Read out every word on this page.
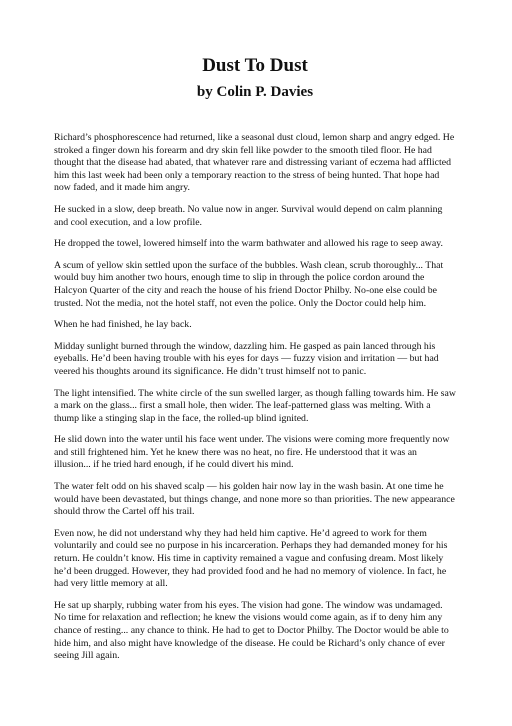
Dust To Dust
by Colin P. Davies

Richard’s phosphorescence had returned, like a seasonal dust cloud, lemon sharp and angry edged. He stroked a finger down his forearm and dry skin fell like powder to the smooth tiled floor. He had thought that the disease had abated, that whatever rare and distressing variant of eczema had afflicted him this last week had been only a temporary reaction to the stress of being hunted. That hope had now faded, and it made him angry.

He sucked in a slow, deep breath. No value now in anger. Survival would depend on calm planning and cool execution, and a low profile.

He dropped the towel, lowered himself into the warm bathwater and allowed his rage to seep away.

A scum of yellow skin settled upon the surface of the bubbles. Wash clean, scrub thoroughly... That would buy him another two hours, enough time to slip in through the police cordon around the Halcyon Quarter of the city and reach the house of his friend Doctor Philby. No-one else could be trusted. Not the media, not the hotel staff, not even the police. Only the Doctor could help him.

When he had finished, he lay back.

Midday sunlight burned through the window, dazzling him. He gasped as pain lanced through his eyeballs. He’d been having trouble with his eyes for days — fuzzy vision and irritation — but had veered his thoughts around its significance. He didn’t trust himself not to panic.

The light intensified. The white circle of the sun swelled larger, as though falling towards him. He saw a mark on the glass... first a small hole, then wider. The leaf-patterned glass was melting. With a thump like a stinging slap in the face, the rolled-up blind ignited.

He slid down into the water until his face went under. The visions were coming more frequently now and still frightened him. Yet he knew there was no heat, no fire. He understood that it was an illusion... if he tried hard enough, if he could divert his mind.

The water felt odd on his shaved scalp — his golden hair now lay in the wash basin. At one time he would have been devastated, but things change, and none more so than priorities. The new appearance should throw the Cartel off his trail.

Even now, he did not understand why they had held him captive. He’d agreed to work for them voluntarily and could see no purpose in his incarceration. Perhaps they had demanded money for his return. He couldn’t know. His time in captivity remained a vague and confusing dream. Most likely he’d been drugged. However, they had provided food and he had no memory of violence. In fact, he had very little memory at all.

He sat up sharply, rubbing water from his eyes. The vision had gone. The window was undamaged. No time for relaxation and reflection; he knew the visions would come again, as if to deny him any chance of resting... any chance to think. He had to get to Doctor Philby. The Doctor would be able to hide him, and also might have knowledge of the disease. He could be Richard’s only chance of ever seeing Jill again.
